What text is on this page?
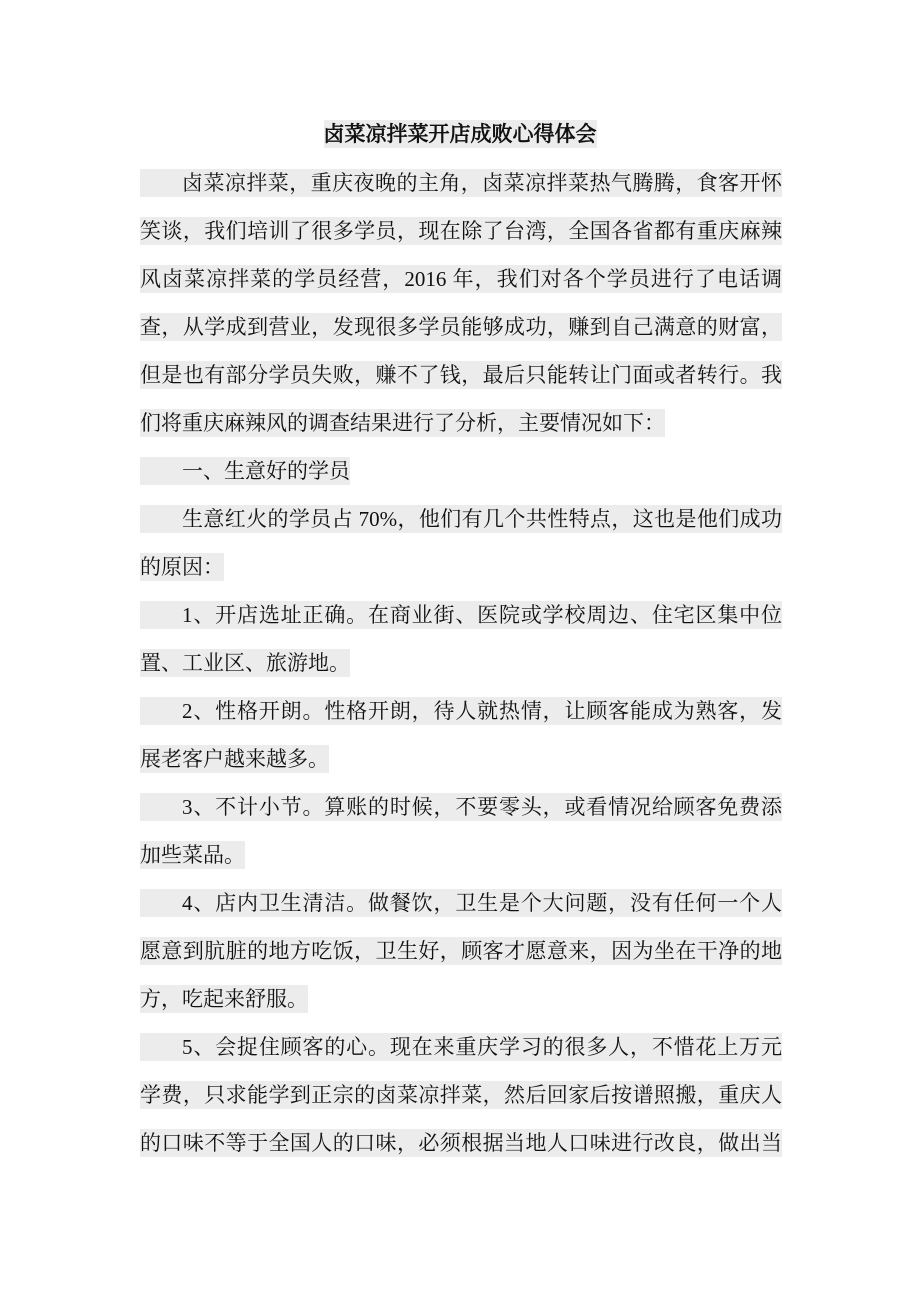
卤菜凉拌菜开店成败心得体会
卤菜凉拌菜，重庆夜晚的主角，卤菜凉拌菜热气腾腾，食客开怀
笑谈，我们培训了很多学员，现在除了台湾，全国各省都有重庆麻辣
风卤菜凉拌菜的学员经营，2016 年，我们对各个学员进行了电话调
查，从学成到营业，发现很多学员能够成功，赚到自己满意的财富，
但是也有部分学员失败，赚不了钱，最后只能转让门面或者转行。我
们将重庆麻辣风的调查结果进行了分析，主要情况如下：
一、生意好的学员
生意红火的学员占 70%，他们有几个共性特点，这也是他们成功
的原因：
1、开店选址正确。在商业街、医院或学校周边、住宅区集中位
置、工业区、旅游地。
2、性格开朗。性格开朗，待人就热情，让顾客能成为熟客，发
展老客户越来越多。
3、不计小节。算账的时候，不要零头，或看情况给顾客免费添
加些菜品。
4、店内卫生清洁。做餐饮，卫生是个大问题，没有任何一个人
愿意到肮脏的地方吃饭，卫生好，顾客才愿意来，因为坐在干净的地
方，吃起来舒服。
5、会捉住顾客的心。现在来重庆学习的很多人，不惜花上万元
学费，只求能学到正宗的卤菜凉拌菜，然后回家后按谱照搬，重庆人
的口味不等于全国人的口味，必须根据当地人口味进行改良，做出当
